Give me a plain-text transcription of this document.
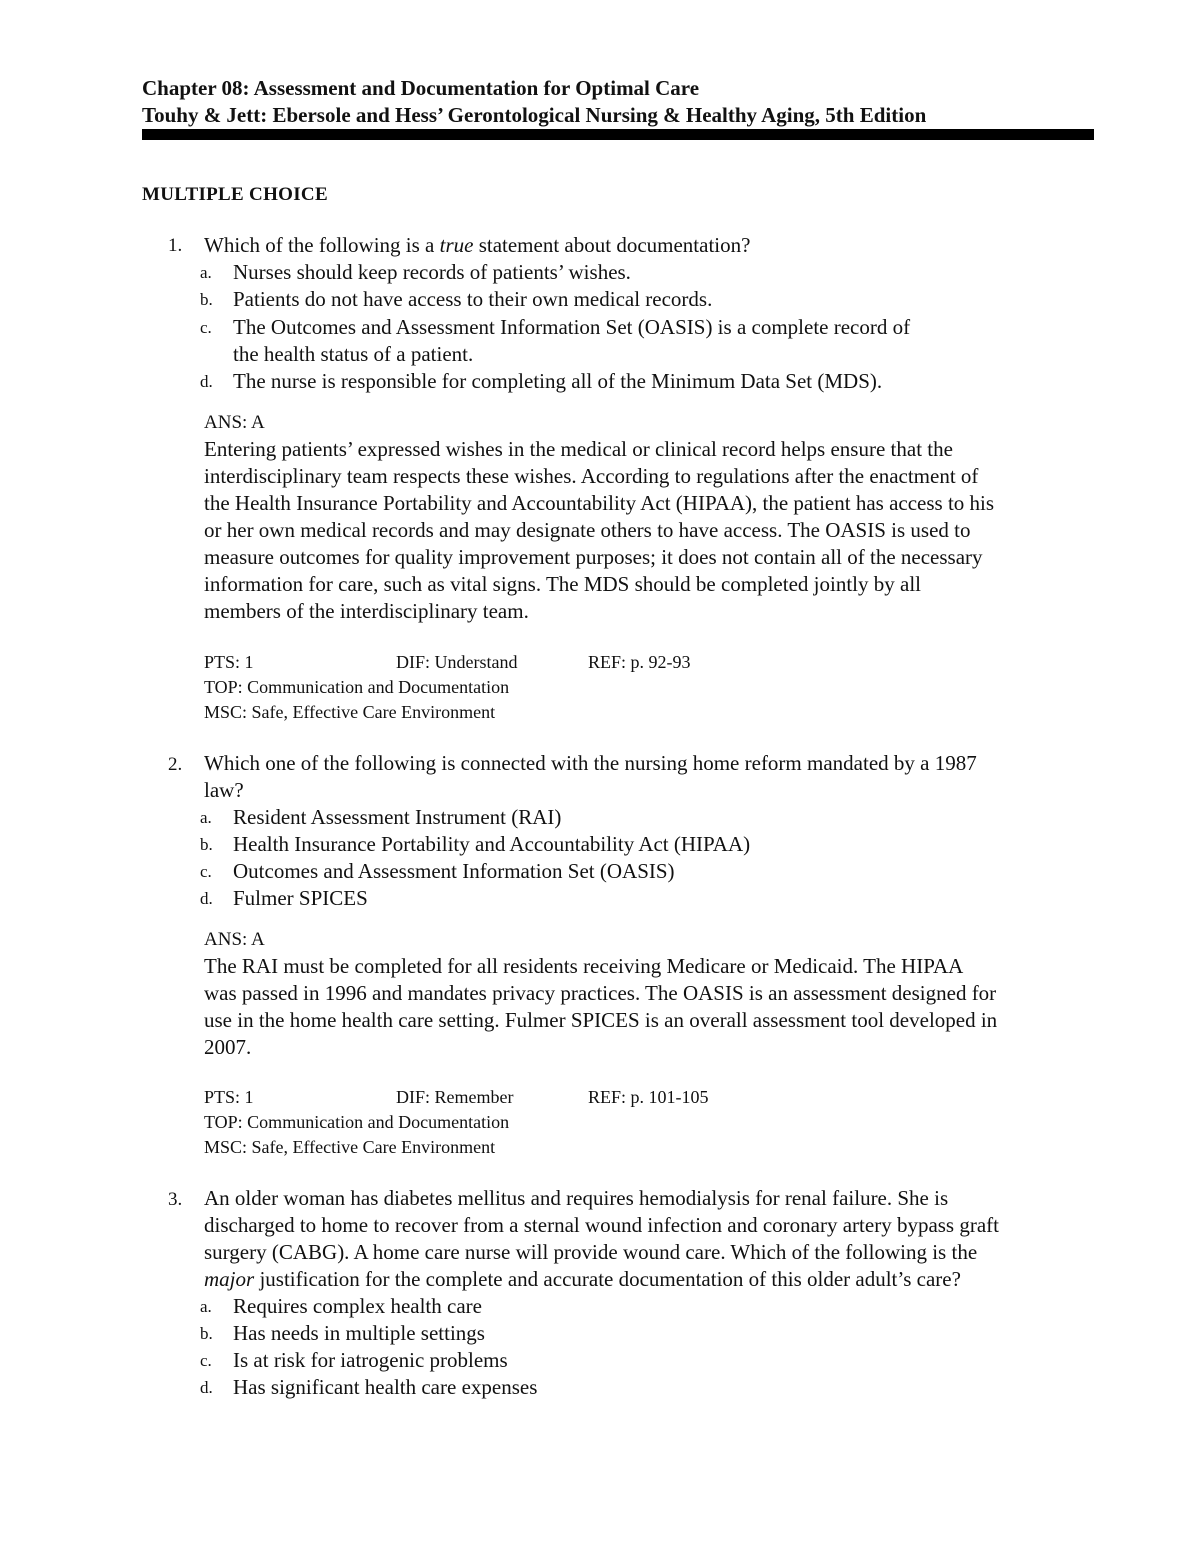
Chapter 08: Assessment and Documentation for Optimal Care
Touhy & Jett: Ebersole and Hess’ Gerontological Nursing & Healthy Aging, 5th Edition
MULTIPLE CHOICE
1. Which of the following is a true statement about documentation?
a. Nurses should keep records of patients’ wishes.
b. Patients do not have access to their own medical records.
c. The Outcomes and Assessment Information Set (OASIS) is a complete record of
the health status of a patient.
d. The nurse is responsible for completing all of the Minimum Data Set (MDS).
ANS: A
Entering patients’ expressed wishes in the medical or clinical record helps ensure that the
interdisciplinary team respects these wishes. According to regulations after the enactment of
the Health Insurance Portability and Accountability Act (HIPAA), the patient has access to his
or her own medical records and may designate others to have access. The OASIS is used to
measure outcomes for quality improvement purposes; it does not contain all of the necessary
information for care, such as vital signs. The MDS should be completed jointly by all
members of the interdisciplinary team.
PTS: 1	DIF: Understand	REF: p. 92-93
TOP: Communication and Documentation
MSC: Safe, Effective Care Environment
2. Which one of the following is connected with the nursing home reform mandated by a 1987
law?
a. Resident Assessment Instrument (RAI)
b. Health Insurance Portability and Accountability Act (HIPAA)
c. Outcomes and Assessment Information Set (OASIS)
d. Fulmer SPICES
ANS: A
The RAI must be completed for all residents receiving Medicare or Medicaid. The HIPAA
was passed in 1996 and mandates privacy practices. The OASIS is an assessment designed for
use in the home health care setting. Fulmer SPICES is an overall assessment tool developed in
2007.
PTS: 1	DIF: Remember	REF: p. 101-105
TOP: Communication and Documentation
MSC: Safe, Effective Care Environment
3. An older woman has diabetes mellitus and requires hemodialysis for renal failure. She is
discharged to home to recover from a sternal wound infection and coronary artery bypass graft
surgery (CABG). A home care nurse will provide wound care. Which of the following is the
major justification for the complete and accurate documentation of this older adult’s care?
a. Requires complex health care
b. Has needs in multiple settings
c. Is at risk for iatrogenic problems
d. Has significant health care expenses
